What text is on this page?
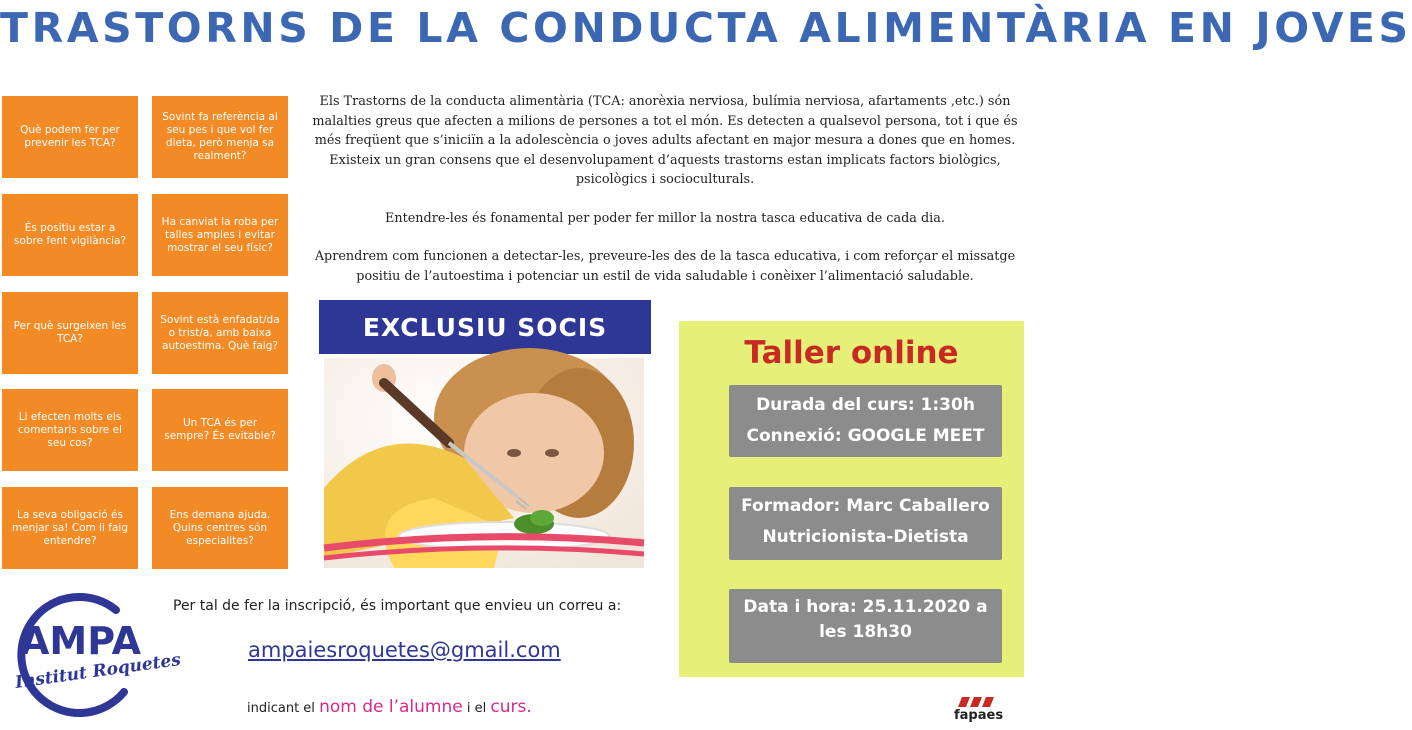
TRASTORNS DE LA CONDUCTA ALIMENTÀRIA EN JOVES
Què podem fer per prevenir les TCA?
Sovint fa referència al seu pes i que vol fer dieta, però menja sa realment?
És positiu estar a sobre fent vigilància?
Ha canviat la roba per talles amples i evitar mostrar el seu físic?
Per què surgeixen les TCA?
Sovint està enfadat/da o trist/a, amb baixa autoestima. Què faig?
Li efecten molts els comentaris sobre el seu cos?
Un TCA és per sempre? És evitable?
La seva obligació és menjar sa! Com li faig entendre?
Ens demana ajuda. Quins centres són especialites?

Els Trastorns de la conducta alimentària (TCA: anorèxia nerviosa, bulímia nerviosa, afartaments ,etc.) són malalties greus que afecten a milions de persones a tot el món. Es detecten a qualsevol persona, tot i que és més freqüent que s’iniciïn a la adolescència o joves adults afectant en major mesura a dones que en homes. Existeix un gran consens que el desenvolupament d’aquests trastorns estan implicats factors biològics, psicològics i socioculturals.

Entendre-les és fonamental per poder fer millor la nostra tasca educativa de cada dia.

Aprendrem com funcionen a detectar-les, preveure-les des de la tasca educativa, i com reforçar el missatge positiu de l’autoestima i potenciar un estil de vida saludable i conèixer l’alimentació saludable.

EXCLUSIU SOCIS
Taller online
Durada del curs: 1:30h
Connexió: GOOGLE MEET
Formador: Marc Caballero
Nutricionista-Dietista
Data i hora: 25.11.2020 a les 18h30
Per tal de fer la inscripció, és important que envieu un correu a:
ampaiesroquetes@gmail.com
indicant el nom de l’alumne i el curs.
AMPA
Institut Roquetes
fapaes
